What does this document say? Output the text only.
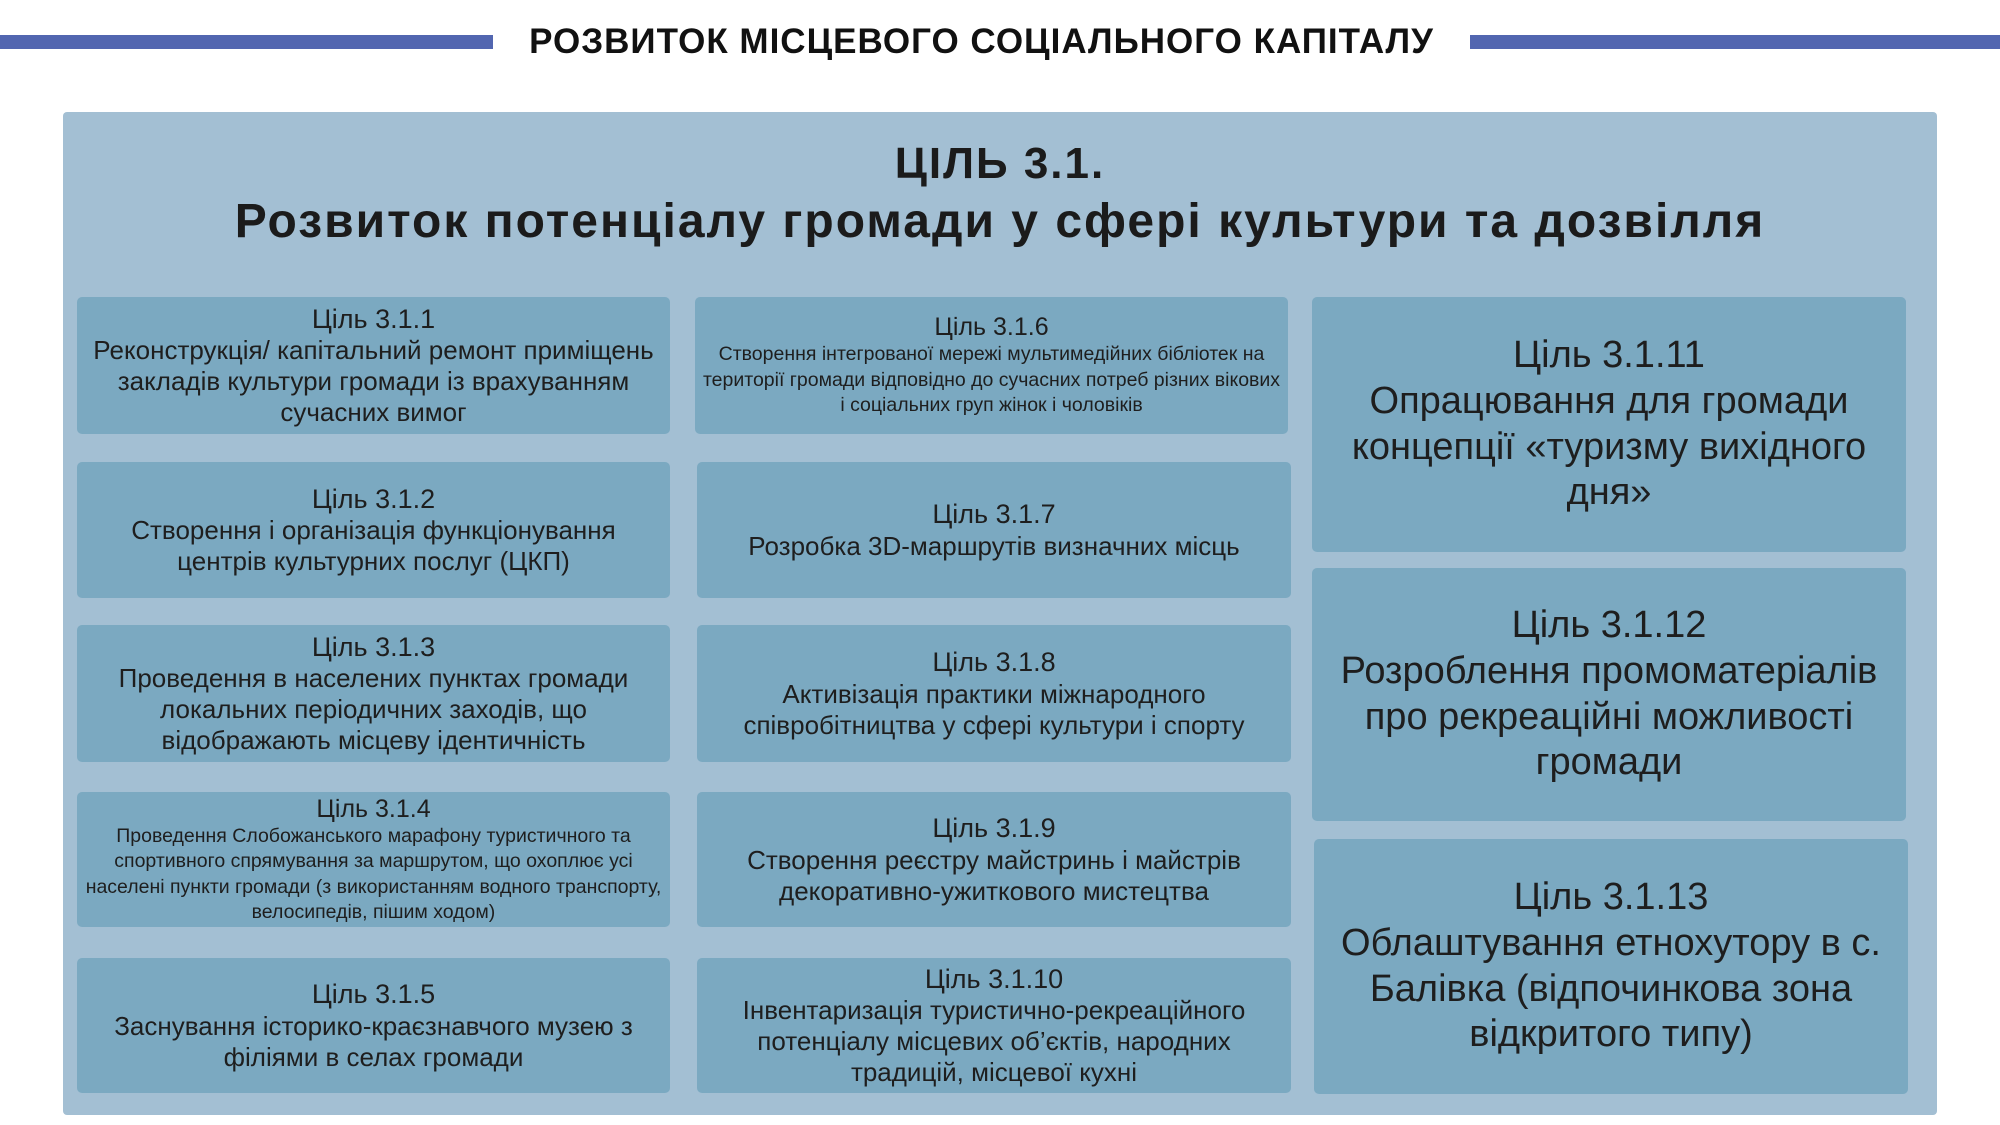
РОЗВИТОК МІСЦЕВОГО СОЦІАЛЬНОГО КАПІТАЛУ
ЦІЛЬ 3.1.
Розвиток потенціалу громади у сфері культури та дозвілля
Ціль 3.1.1
Реконструкція/ капітальний ремонт приміщень закладів культури громади із врахуванням сучасних вимог
Ціль 3.1.2
Створення і організація функціонування центрів культурних послуг (ЦКП)
Ціль 3.1.3
Проведення в населених пунктах громади локальних періодичних заходів, що відображають місцеву ідентичність
Ціль 3.1.4
Проведення Слобожанського марафону туристичного та спортивного спрямування за маршрутом, що охоплює усі населені пункти громади (з використанням водного транспорту, велосипедів, пішим ходом)
Ціль 3.1.5
Заснування історико-краєзнавчого музею з філіями в селах громади
Ціль 3.1.6
Створення інтегрованої мережі мультимедійних бібліотек на території громади відповідно до сучасних потреб різних вікових і соціальних груп жінок і чоловіків
Ціль 3.1.7
Розробка 3D-маршрутів визначних місць
Ціль 3.1.8
Активізація практики міжнародного співробітництва у сфері культури і спорту
Ціль 3.1.9
Створення реєстру майстринь і майстрів декоративно-ужиткового мистецтва
Ціль 3.1.10
Інвентаризація туристично-рекреаційного потенціалу місцевих об’єктів, народних традицій, місцевої кухні
Ціль 3.1.11
Опрацювання для громади концепції «туризму вихідного дня»
Ціль 3.1.12
Розроблення промоматеріалів про рекреаційні можливості громади
Ціль 3.1.13
Облаштування етнохутору в с. Балівка (відпочинкова зона відкритого типу)
